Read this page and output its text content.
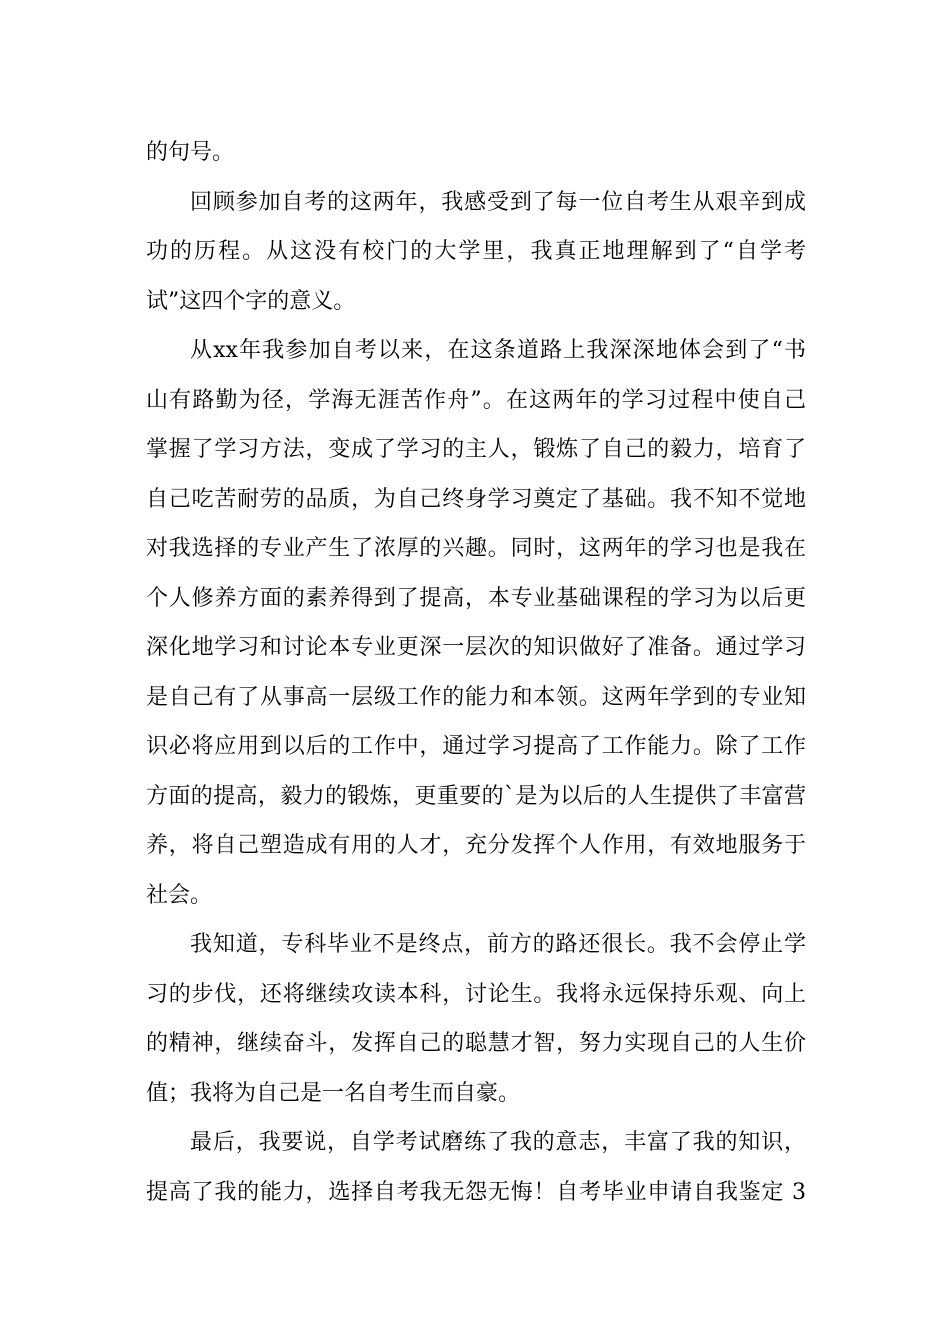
的句号。
回顾参加自考的这两年，我感受到了每一位自考生从艰辛到成
功的历程。从这没有校门的大学里，我真正地理解到了“自学考
试”这四个字的意义。
从xx年我参加自考以来，在这条道路上我深深地体会到了“书
山有路勤为径，学海无涯苦作舟”。在这两年的学习过程中使自己
掌握了学习方法，变成了学习的主人，锻炼了自己的毅力，培育了
自己吃苦耐劳的品质，为自己终身学习奠定了基础。我不知不觉地
对我选择的专业产生了浓厚的兴趣。同时，这两年的学习也是我在
个人修养方面的素养得到了提高，本专业基础课程的学习为以后更
深化地学习和讨论本专业更深一层次的知识做好了准备。通过学习
是自己有了从事高一层级工作的能力和本领。这两年学到的专业知
识必将应用到以后的工作中，通过学习提高了工作能力。除了工作
方面的提高，毅力的锻炼，更重要的`是为以后的人生提供了丰富营
养，将自己塑造成有用的人才，充分发挥个人作用，有效地服务于
社会。
我知道，专科毕业不是终点，前方的路还很长。我不会停止学
习的步伐，还将继续攻读本科，讨论生。我将永远保持乐观、向上
的精神，继续奋斗，发挥自己的聪慧才智，努力实现自己的人生价
值；我将为自己是一名自考生而自豪。
最后，我要说，自学考试磨练了我的意志，丰富了我的知识，
提高了我的能力，选择自考我无怨无悔！自考毕业申请自我鉴定 3
